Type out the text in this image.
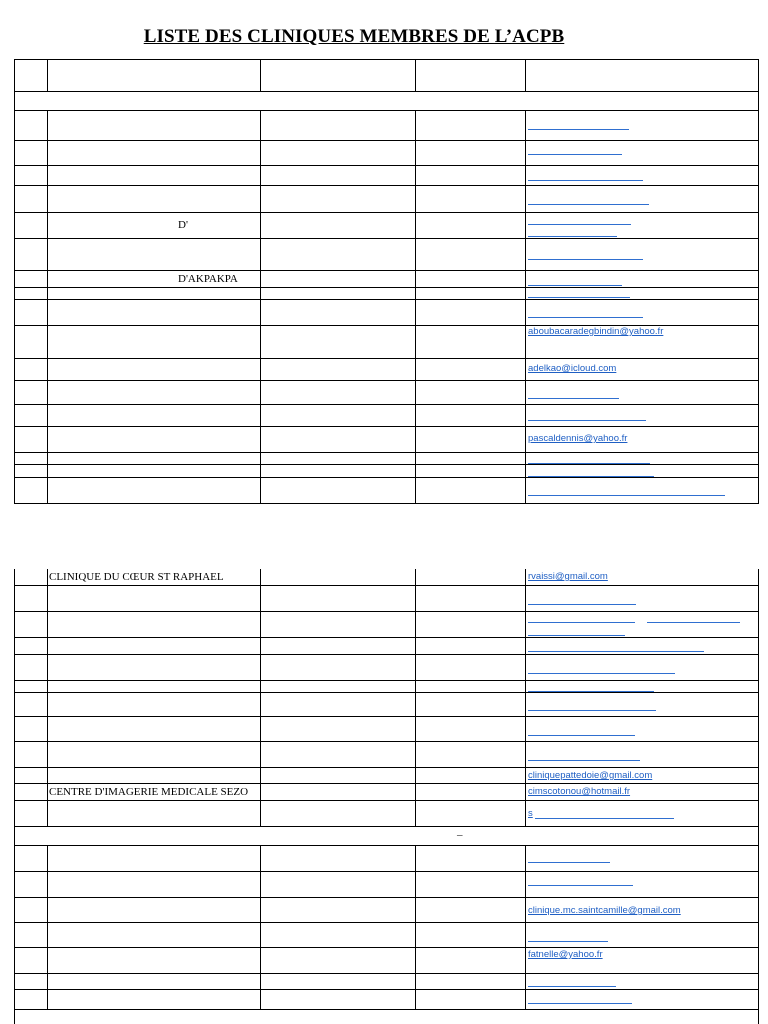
LISTE DES CLINIQUES MEMBRES DE L’ACPB
D'
D'AKPAKPA
aboubacaradegbindin@yahoo.fr
adelkao@icloud.com
pascaldennis@yahoo.fr
CLINIQUE DU CŒUR ST RAPHAEL
CENTRE D'IMAGERIE MEDICALE SEZO
–
rvaissi@gmail.com
cliniquepattedoie@gmail.com
cimscotonou@hotmail.fr
s
clinique.mc.saintcamille@gmail.com
fatnelle@yahoo.fr
